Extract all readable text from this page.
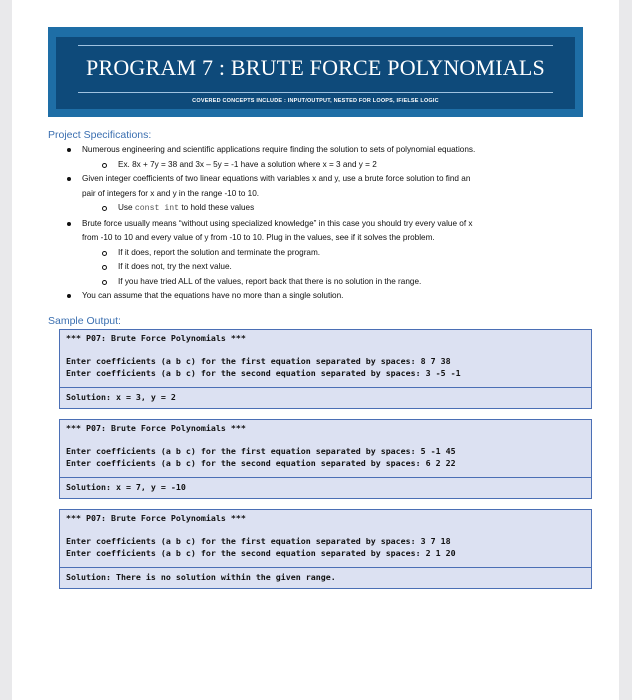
PROGRAM 7 : BRUTE FORCE POLYNOMIALS
COVERED CONCEPTS INCLUDE : INPUT/OUTPUT, NESTED FOR LOOPS, IF/ELSE LOGIC
Project Specifications:
Numerous engineering and scientific applications require finding the solution to sets of polynomial equations.
Ex. 8x + 7y = 38 and 3x – 5y = -1 have a solution where x = 3 and y = 2
Given integer coefficients of two linear equations with variables x and y, use a brute force solution to find an
pair of integers for x and y in the range -10 to 10.
Use const int to hold these values
Brute force usually means “without using specialized knowledge” in this case you should try every value of x
from -10 to 10 and every value of y from -10 to 10. Plug in the values, see if it solves the problem.
If it does, report the solution and terminate the program.
If it does not, try the next value.
If you have tried ALL of the values, report back that there is no solution in the range.
You can assume that the equations have no more than a single solution.
Sample Output:
*** P07: Brute Force Polynomials ***
Enter coefficients (a b c) for the first equation separated by spaces: 8 7 38
Enter coefficients (a b c) for the second equation separated by spaces: 3 -5 -1
Solution: x = 3, y = 2
*** P07: Brute Force Polynomials ***
Enter coefficients (a b c) for the first equation separated by spaces: 5 -1 45
Enter coefficients (a b c) for the second equation separated by spaces: 6 2 22
Solution: x = 7, y = -10
*** P07: Brute Force Polynomials ***
Enter coefficients (a b c) for the first equation separated by spaces: 3 7 18
Enter coefficients (a b c) for the second equation separated by spaces: 2 1 20
Solution: There is no solution within the given range.
